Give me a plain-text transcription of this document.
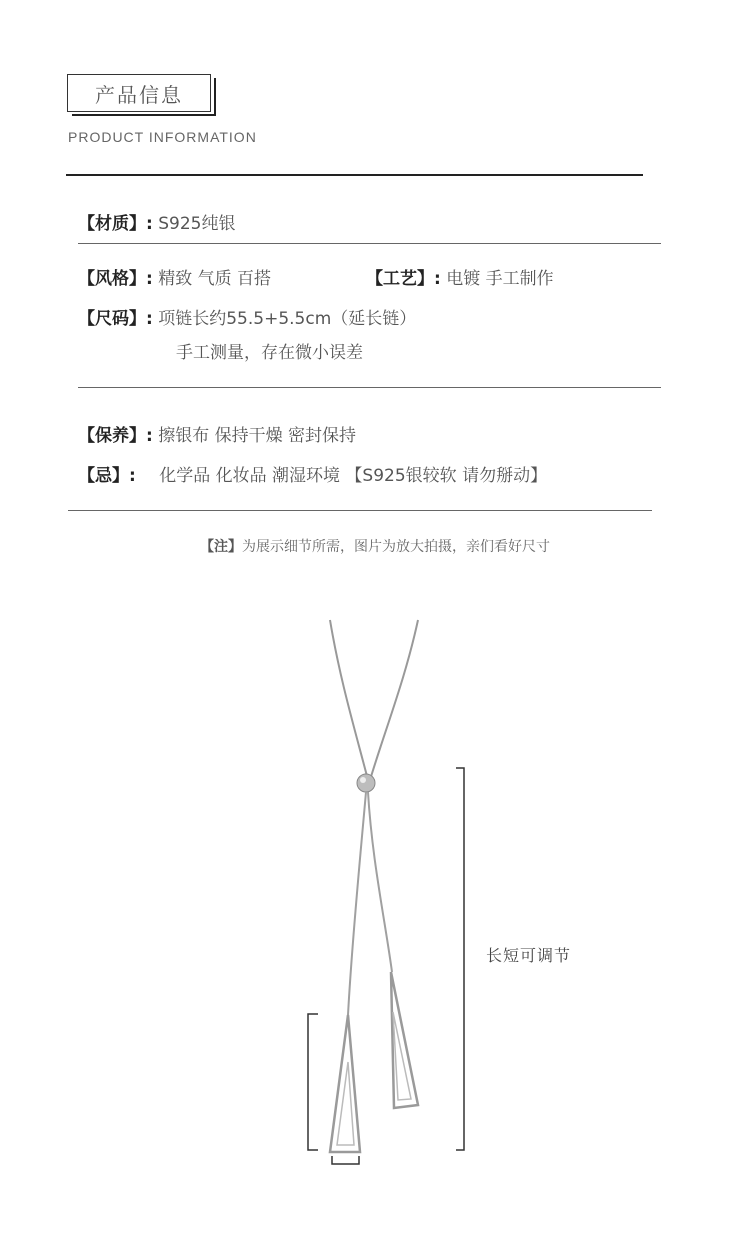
产品信息
PRODUCT INFORMATION
【材质】: S925纯银
【风格】: 精致 气质 百搭	【工艺】: 电镀 手工制作
【尺码】: 项链长约55.5+5.5cm（延长链）
手工测量，存在微小误差
【保养】: 擦银布 保持干燥 密封保持
【忌】: 化学品 化妆品 潮湿环境 【S925银较软 请勿掰动】
【注】为展示细节所需，图片为放大拍摄，亲们看好尺寸
长短可调节
